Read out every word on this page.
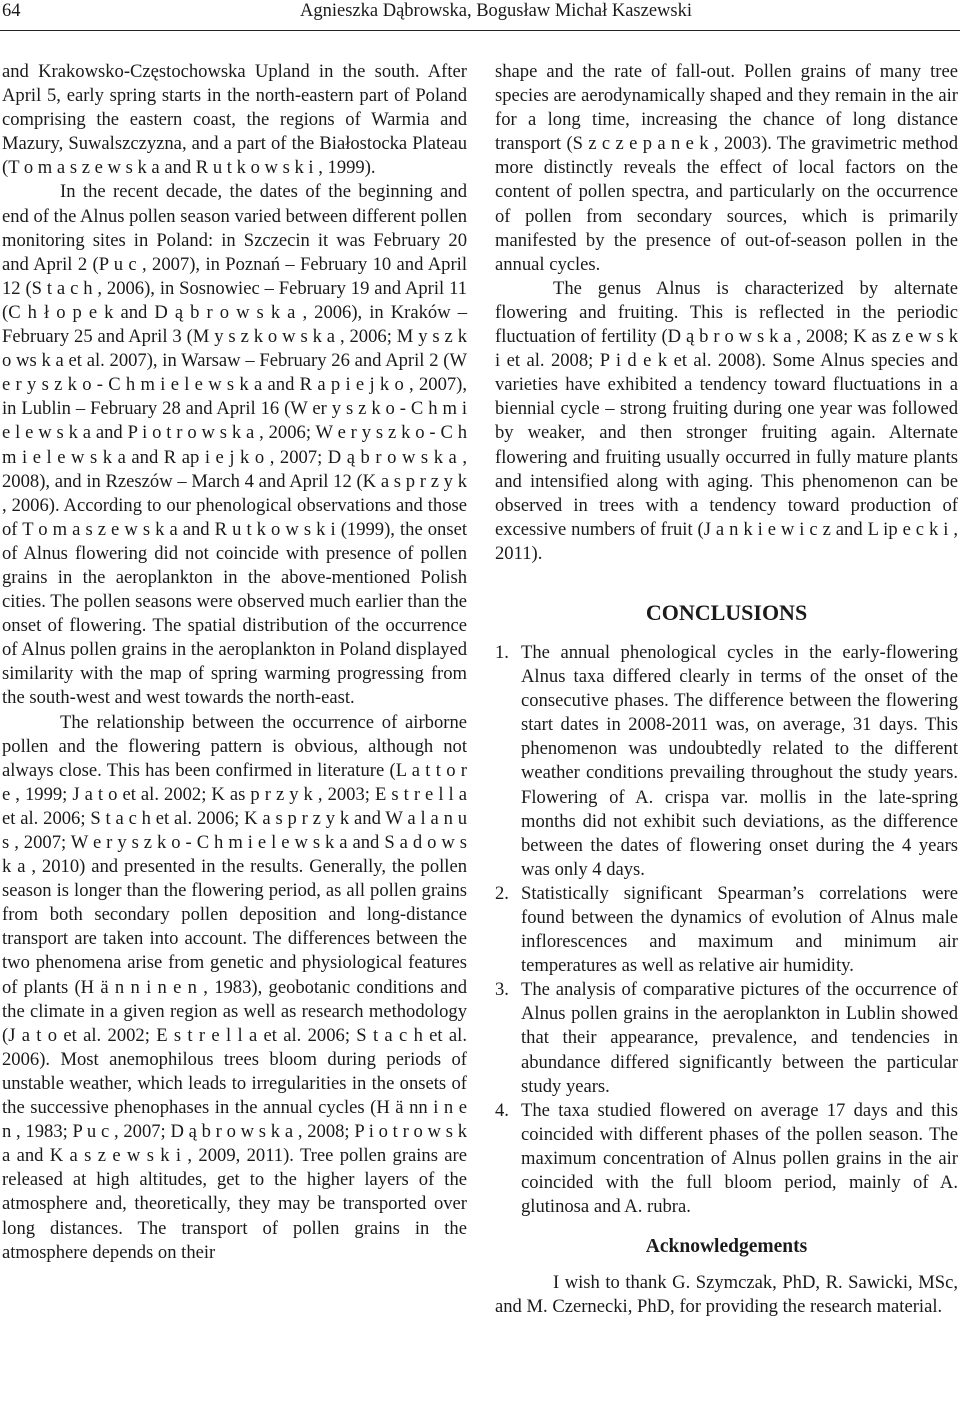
64	Agnieszka Dąbrowska, Bogusław Michał Kaszewski

and Krakowsko-Częstochowska Upland in the south. After April 5, early spring starts in the north-eastern part of Poland comprising the eastern coast, the regions of Warmia and Mazury, Suwalszczyzna, and a part of the Białostocka Plateau (T o m a s z e w s k a and R u t k o w s k i , 1999).

In the recent decade, the dates of the beginning and end of the Alnus pollen season varied between different pollen monitoring sites in Poland: in Szczecin it was February 20 and April 2 (P u c , 2007), in Poznań – February 10 and April 12 (S t a c h , 2006), in Sosnowiec – February 19 and April 11 (C h ł o p e k and D ą b r o w s k a , 2006), in Kraków – February 25 and April 3 (M y s z k o w s k a , 2006; M y s z k o ws k a et al. 2007), in Warsaw – February 26 and April 2 (W e r y s z k o - C h m i e l e w s k a and R a p i e j k o , 2007), in Lublin – February 28 and April 16 (W er y s z k o - C h m i e l e w s k a and P i o t r o w s k a , 2006; W e r y s z k o - C h m i e l e w s k a and R ap i e j k o , 2007; D ą b r o w s k a , 2008), and in Rzeszów – March 4 and April 12 (K a s p r z y k , 2006). According to our phenological observations and those of T o m a s z e w s k a and R u t k o w s k i (1999), the onset of Alnus flowering did not coincide with presence of pollen grains in the aeroplankton in the above-mentioned Polish cities. The pollen seasons were observed much earlier than the onset of flowering. The spatial distribution of the occurrence of Alnus pollen grains in the aeroplankton in Poland displayed similarity with the map of spring warming progressing from the south-west and west towards the north-east.

The relationship between the occurrence of airborne pollen and the flowering pattern is obvious, although not always close. This has been confirmed in literature (L a t t o r e , 1999; J a t o et al. 2002; K as p r z y k , 2003; E s t r e l l a et al. 2006; S t a c h et al. 2006; K a s p r z y k and W a l a n u s , 2007; W e r y s z k o - C h m i e l e w s k a and S a d o w s k a , 2010) and presented in the results. Generally, the pollen season is longer than the flowering period, as all pollen grains from both secondary pollen deposition and long-distance transport are taken into account. The differences between the two phenomena arise from genetic and physiological features of plants (H ä n n i n e n , 1983), geobotanic conditions and the climate in a given region as well as research methodology (J a t o et al. 2002; E s t r e l l a et al. 2006; S t a c h et al. 2006). Most anemophilous trees bloom during periods of unstable weather, which leads to irregularities in the onsets of the successive phenophases in the annual cycles (H ä nn i n e n , 1983; P u c , 2007; D ą b r o w s k a , 2008; P i o t r o w s k a and K a s z e w s k i , 2009, 2011). Tree pollen grains are released at high altitudes, get to the higher layers of the atmosphere and, theoretically, they may be transported over long distances. The transport of pollen grains in the atmosphere depends on their

shape and the rate of fall-out. Pollen grains of many tree species are aerodynamically shaped and they remain in the air for a long time, increasing the chance of long distance transport (S z c z e p a n e k , 2003). The gravimetric method more distinctly reveals the effect of local factors on the content of pollen spectra, and particularly on the occurrence of pollen from secondary sources, which is primarily manifested by the presence of out-of-season pollen in the annual cycles.

The genus Alnus is characterized by alternate flowering and fruiting. This is reflected in the periodic fluctuation of fertility (D ą b r o w s k a , 2008; K as z e w s k i et al. 2008; P i d e k et al. 2008). Some Alnus species and varieties have exhibited a tendency toward fluctuations in a biennial cycle – strong fruiting during one year was followed by weaker, and then stronger fruiting again. Alternate flowering and fruiting usually occurred in fully mature plants and intensified along with aging. This phenomenon can be observed in trees with a tendency toward production of excessive numbers of fruit (J a n k i e w i c z and L ip e c k i , 2011).

CONCLUSIONS
1. The annual phenological cycles in the early-flowering Alnus taxa differed clearly in terms of the onset of the consecutive phases. The difference between the flowering start dates in 2008-2011 was, on average, 31 days. This phenomenon was undoubtedly related to the different weather conditions prevailing throughout the study years. Flowering of A. crispa var. mollis in the late-spring months did not exhibit such deviations, as the difference between the dates of flowering onset during the 4 years was only 4 days.
2. Statistically significant Spearman’s correlations were found between the dynamics of evolution of Alnus male inflorescences and maximum and minimum air temperatures as well as relative air humidity.
3. The analysis of comparative pictures of the occurrence of Alnus pollen grains in the aeroplankton in Lublin showed that their appearance, prevalence, and tendencies in abundance differed significantly between the particular study years.
4. The taxa studied flowered on average 17 days and this coincided with different phases of the pollen season. The maximum concentration of Alnus pollen grains in the air coincided with the full bloom period, mainly of A. glutinosa and A. rubra.
Acknowledgements

I wish to thank G. Szymczak, PhD, R. Sawicki, MSc, and M. Czernecki, PhD, for providing the research material.
